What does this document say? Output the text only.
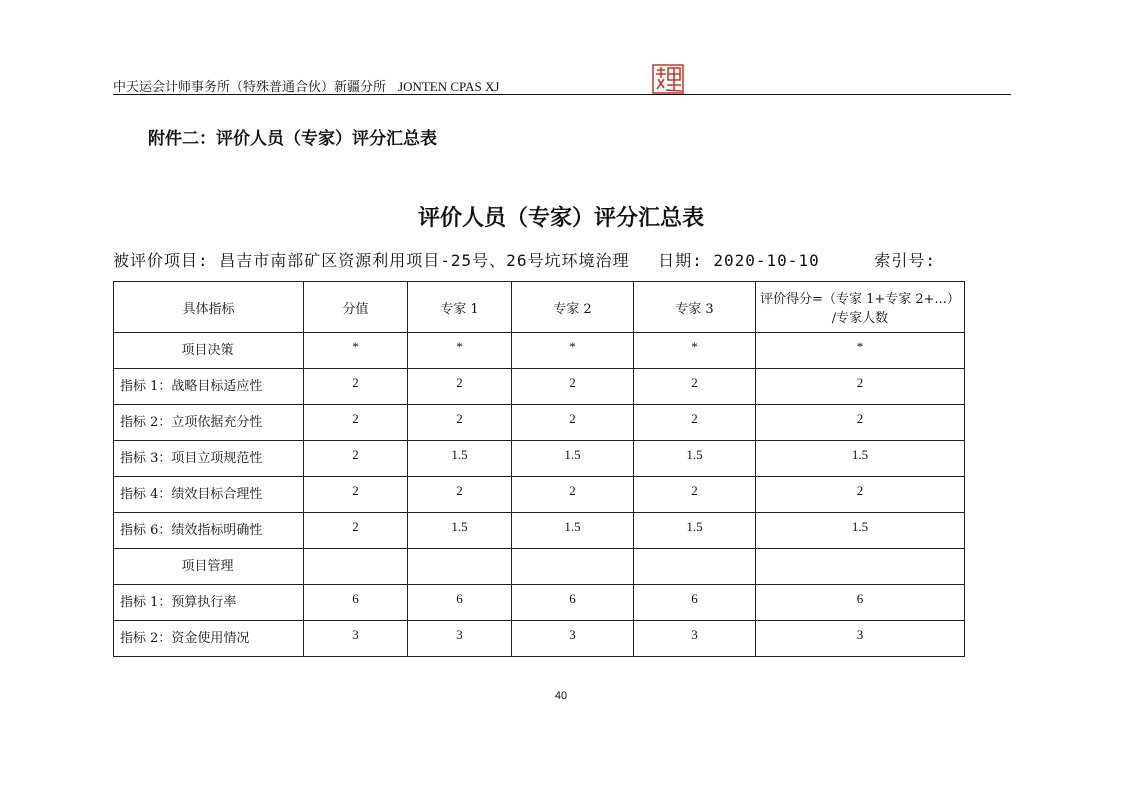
中天运会计师事务所（特殊普通合伙）新疆分所 JONTEN CPAS XJ
附件二：评价人员（专家）评分汇总表
评价人员（专家）评分汇总表
被评价项目: 昌吉市南部矿区资源利用项目-25号、26号坑环境治理 日期: 2020-10-10	索引号:
具体指标	分值	专家 1	专家 2	专家 3	评价得分=（专家 1+专家 2+...）
/专家人数

项目决策	*	*	*	*	*
指标 1：战略目标适应性	2	2	2	2	2
指标 2：立项依据充分性	2	2	2	2	2
指标 3：项目立项规范性	2	1.5	1.5	1.5	1.5
指标 4：绩效目标合理性	2	2	2	2	2
指标 6：绩效指标明确性	2	1.5	1.5	1.5	1.5
项目管理					
指标 1：预算执行率	6	6	6	6	6
指标 2：资金使用情况	3	3	3	3	3
40
